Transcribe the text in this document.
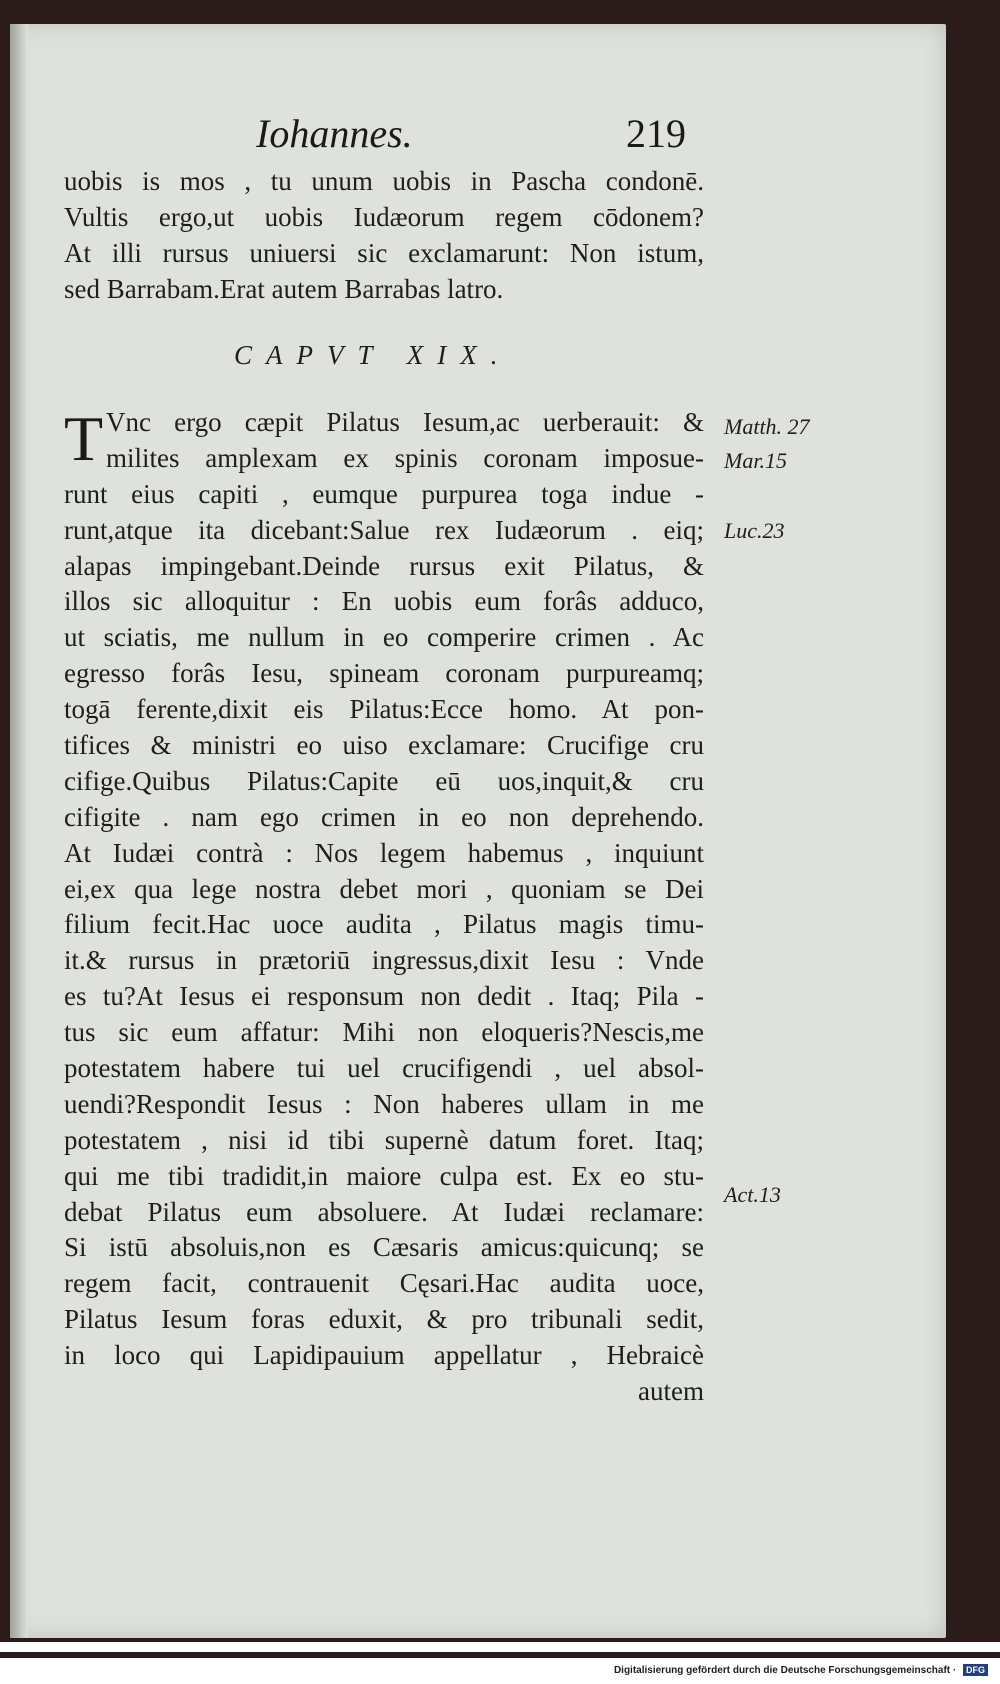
Iohannes.	219
uobis is mos , tu unum uobis in Pascha condonē.
Vultis ergo,ut uobis Iudæorum regem cōdonem?
At illi rursus uniuersi sic exclamarunt: Non istum,
sed Barrabam.Erat autem Barrabas latro.
CAPVT XIX.
T Vnc ergo cæpit Pilatus Iesum,ac uerberauit: &
milites amplexam ex spinis coronam imposue-
runt eius capiti , eumque purpurea toga indue -
runt,atque ita dicebant:Salue rex Iudæorum . eiq;
alapas impingebant.Deinde rursus exit Pilatus, &
illos sic alloquitur : En uobis eum forâs adduco,
ut sciatis, me nullum in eo comperire crimen . Ac
egresso forâs Iesu, spineam coronam purpureamq;
togā ferente,dixit eis Pilatus:Ecce homo. At pon-
tifices & ministri eo uiso exclamare: Crucifige cru
cifige.Quibus Pilatus:Capite eū uos,inquit,& cru
cifigite . nam ego crimen in eo non deprehendo.
At Iudæi contrà : Nos legem habemus , inquiunt
ei,ex qua lege nostra debet mori , quoniam se Dei
filium fecit.Hac uoce audita , Pilatus magis timu-
it.& rursus in prætoriū ingressus,dixit Iesu : Vnde
es tu?At Iesus ei responsum non dedit . Itaq; Pila -
tus sic eum affatur: Mihi non eloqueris?Nescis,me
potestatem habere tui uel crucifigendi , uel absol-
uendi?Respondit Iesus : Non haberes ullam in me
potestatem , nisi id tibi supernè datum foret. Itaq;
qui me tibi tradidit,in maiore culpa est. Ex eo stu-
debat Pilatus eum absoluere. At Iudæi reclamare:
Si istū absoluis,non es Cæsaris amicus:quicunq; se
regem facit, contrauenit Cęsari.Hac audita uoce,
Pilatus Iesum foras eduxit, & pro tribunali sedit,
in loco qui Lapidipauium appellatur , Hebraicè
autem
Matth. 27
Mar.15
Luc.23
Act.13
Digitalisierung gefördert durch die Deutsche Forschungsgemeinschaft · DFG
